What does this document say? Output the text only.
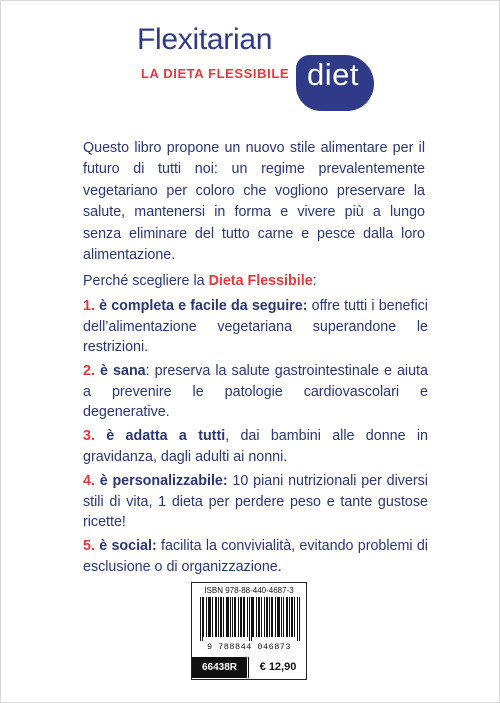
Flexitarian
LA DIETA FLESSIBILE diet

Questo libro propone un nuovo stile alimentare per il futuro di tutti noi: un regime prevalentemente vegetariano per coloro che vogliono preservare la salute, mantenersi in forma e vivere più a lungo senza eliminare del tutto carne e pesce dalla loro alimentazione.

Perché scegliere la Dieta Flessibile:

1. è completa e facile da seguire: offre tutti i benefici dell’alimentazione vegetariana superandone le restrizioni.
2. è sana: preserva la salute gastrointestinale e aiuta a prevenire le patologie cardiovascolari e degenerative.
3. è adatta a tutti, dai bambini alle donne in gravidanza, dagli adulti ai nonni.
4. è personalizzabile: 10 piani nutrizionali per diversi stili di vita, 1 dieta per perdere peso e tante gustose ricette!
5. è social: facilita la convivialità, evitando problemi di esclusione o di organizzazione.
ISBN 978-88-440-4687-3
9 788844 046873
66438R	€ 12,90
